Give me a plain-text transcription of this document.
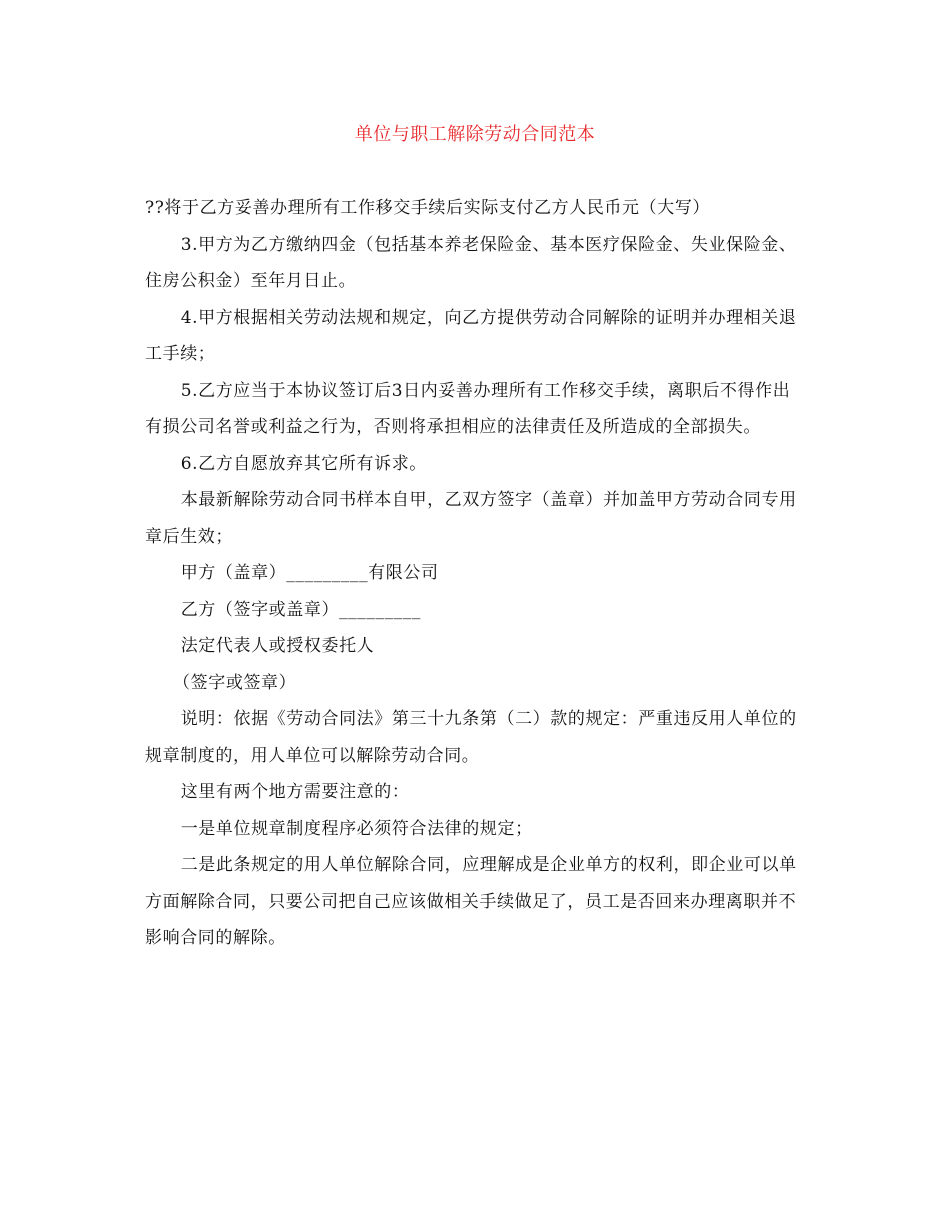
单位与职工解除劳动合同范本

??将于乙方妥善办理所有工作移交手续后实际支付乙方人民币元（大写）

3.甲方为乙方缴纳四金（包括基本养老保险金、基本医疗保险金、失业保险金、住房公积金）至年月日止。

4.甲方根据相关劳动法规和规定，向乙方提供劳动合同解除的证明并办理相关退工手续；

5.乙方应当于本协议签订后3日内妥善办理所有工作移交手续，离职后不得作出有损公司名誉或利益之行为，否则将承担相应的法律责任及所造成的全部损失。

6.乙方自愿放弃其它所有诉求。

本最新解除劳动合同书样本自甲，乙双方签字（盖章）并加盖甲方劳动合同专用章后生效；

甲方（盖章）_________有限公司

乙方（签字或盖章）_________

法定代表人或授权委托人

（签字或签章）

说明：依据《劳动合同法》第三十九条第（二）款的规定：严重违反用人单位的规章制度的，用人单位可以解除劳动合同。

这里有两个地方需要注意的：

一是单位规章制度程序必须符合法律的规定；

二是此条规定的用人单位解除合同，应理解成是企业单方的权利，即企业可以单方面解除合同，只要公司把自己应该做相关手续做足了，员工是否回来办理离职并不影响合同的解除。
